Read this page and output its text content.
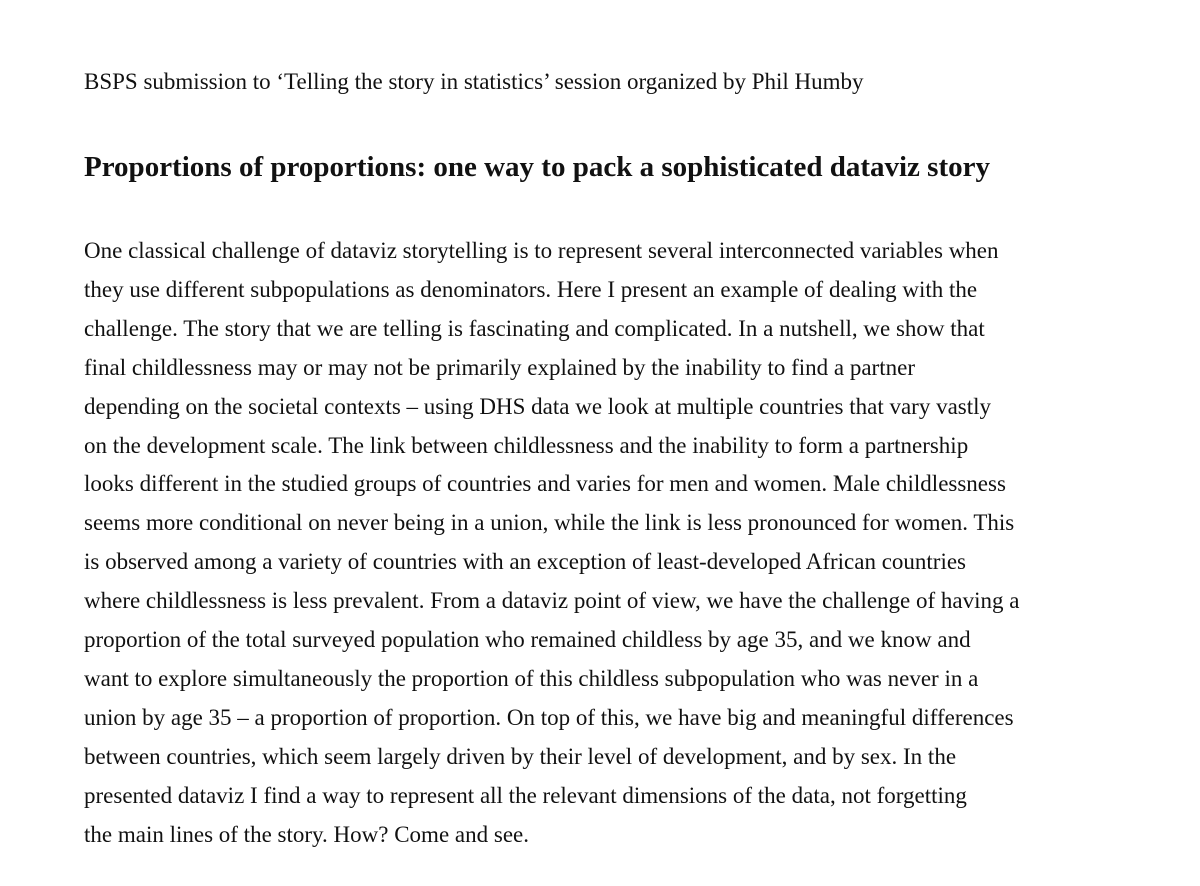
BSPS submission to ‘Telling the story in statistics’ session organized by Phil Humby
Proportions of proportions: one way to pack a sophisticated dataviz story

One classical challenge of dataviz storytelling is to represent several interconnected variables when
they use different subpopulations as denominators. Here I present an example of dealing with the
challenge. The story that we are telling is fascinating and complicated. In a nutshell, we show that
final childlessness may or may not be primarily explained by the inability to find a partner
depending on the societal contexts – using DHS data we look at multiple countries that vary vastly
on the development scale. The link between childlessness and the inability to form a partnership
looks different in the studied groups of countries and varies for men and women. Male childlessness
seems more conditional on never being in a union, while the link is less pronounced for women. This
is observed among a variety of countries with an exception of least-developed African countries
where childlessness is less prevalent. From a dataviz point of view, we have the challenge of having a
proportion of the total surveyed population who remained childless by age 35, and we know and
want to explore simultaneously the proportion of this childless subpopulation who was never in a
union by age 35 – a proportion of proportion. On top of this, we have big and meaningful differences
between countries, which seem largely driven by their level of development, and by sex. In the
presented dataviz I find a way to represent all the relevant dimensions of the data, not forgetting
the main lines of the story. How? Come and see.
